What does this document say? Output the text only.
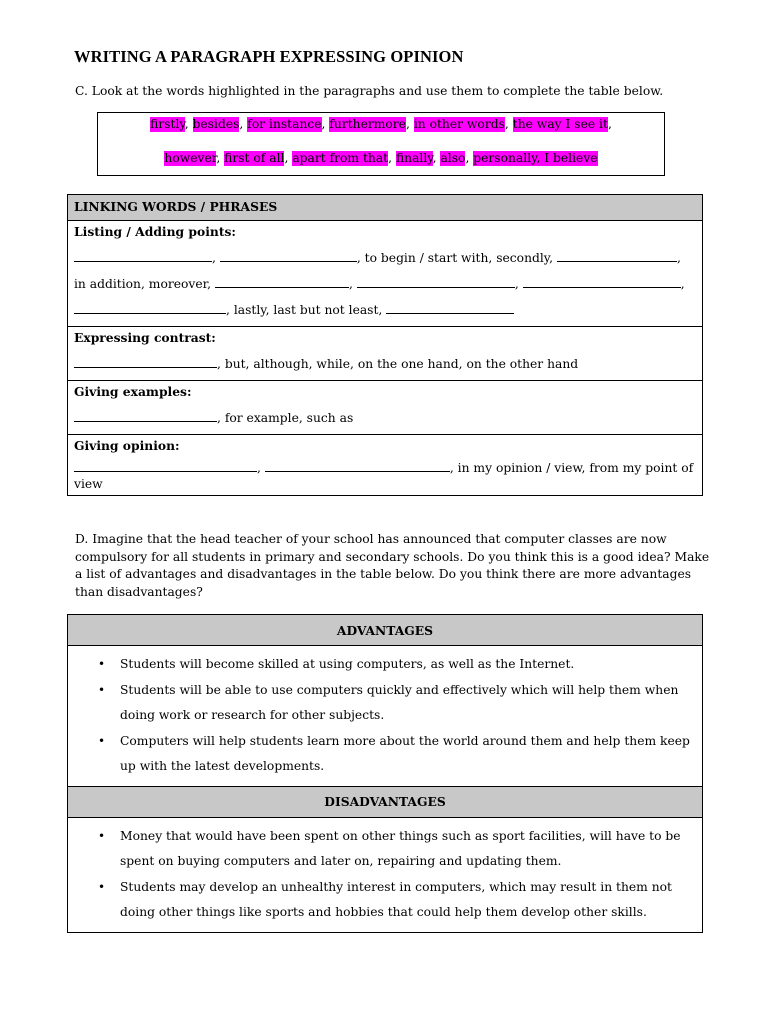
WRITING A PARAGRAPH EXPRESSING OPINION
C. Look at the words highlighted in the paragraphs and use them to complete the table below.
firstly, besides, for instance, furthermore, in other words, the way I see it,
however, first of all, apart from that, finally, also, personally, I believe
LINKING WORDS / PHRASES

Listing / Adding points:
,	, to begin / start with, secondly,	,
in addition, moreover,	,	,	,
, lastly, last but not least,

Expressing contrast:
, but, although, while, on the one hand, on the other hand

Giving examples:
, for example, such as

Giving opinion:
,	, in my opinion / view, from my point of view
D. Imagine that the head teacher of your school has announced that computer classes are now compulsory for all students in primary and secondary schools. Do you think this is a good idea? Make a list of advantages and disadvantages in the table below. Do you think there are more advantages than disadvantages?
ADVANTAGES

• Students will become skilled at using computers, as well as the Internet.
• Students will be able to use computers quickly and effectively which will help them when doing work or research for other subjects.
• Computers will help students learn more about the world around them and help them keep up with the latest developments.

DISADVANTAGES

• Money that would have been spent on other things such as sport facilities, will have to be spent on buying computers and later on, repairing and updating them.
• Students may develop an unhealthy interest in computers, which may result in them not doing other things like sports and hobbies that could help them develop other skills.
